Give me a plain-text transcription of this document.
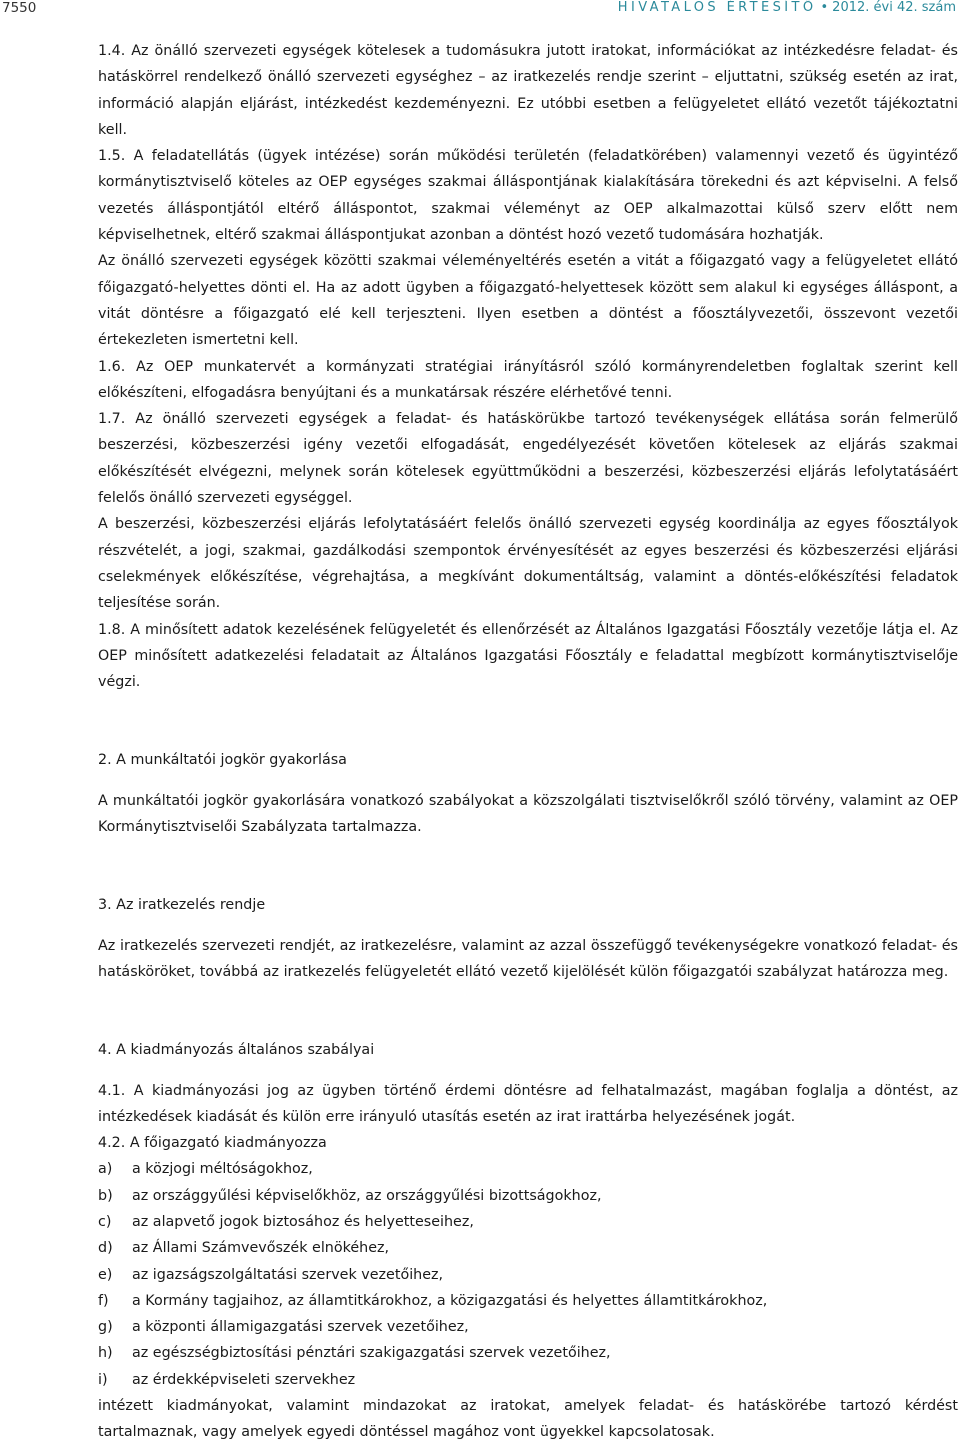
7550	HIVATALOS ÉRTESÍTŐ • 2012. évi 42. szám

1.4. Az önálló szervezeti egységek kötelesek a tudomásukra jutott iratokat, információkat az intézkedésre feladat- és hatáskörrel rendelkező önálló szervezeti egységhez – az iratkezelés rendje szerint – eljuttatni, szükség esetén az irat, információ alapján eljárást, intézkedést kezdeményezni. Ez utóbbi esetben a felügyeletet ellátó vezetőt tájékoztatni kell.

1.5. A feladatellátás (ügyek intézése) során működési területén (feladatkörében) valamennyi vezető és ügyintéző kormánytisztviselő köteles az OEP egységes szakmai álláspontjának kialakítására törekedni és azt képviselni. A felső vezetés álláspontjától eltérő álláspontot, szakmai véleményt az OEP alkalmazottai külső szerv előtt nem képviselhetnek, eltérő szakmai álláspontjukat azonban a döntést hozó vezető tudomására hozhatják.

Az önálló szervezeti egységek közötti szakmai véleményeltérés esetén a vitát a főigazgató vagy a felügyeletet ellátó főigazgató-helyettes dönti el. Ha az adott ügyben a főigazgató-helyettesek között sem alakul ki egységes álláspont, a vitát döntésre a főigazgató elé kell terjeszteni. Ilyen esetben a döntést a főosztályvezetői, összevont vezetői értekezleten ismertetni kell.

1.6. Az OEP munkatervét a kormányzati stratégiai irányításról szóló kormányrendeletben foglaltak szerint kell előkészíteni, elfogadásra benyújtani és a munkatársak részére elérhetővé tenni.

1.7. Az önálló szervezeti egységek a feladat- és hatáskörükbe tartozó tevékenységek ellátása során felmerülő beszerzési, közbeszerzési igény vezetői elfogadását, engedélyezését követően kötelesek az eljárás szakmai előkészítését elvégezni, melynek során kötelesek együttműködni a beszerzési, közbeszerzési eljárás lefolytatásáért felelős önálló szervezeti egységgel.

A beszerzési, közbeszerzési eljárás lefolytatásáért felelős önálló szervezeti egység koordinálja az egyes főosztályok részvételét, a jogi, szakmai, gazdálkodási szempontok érvényesítését az egyes beszerzési és közbeszerzési eljárási cselekmények előkészítése, végrehajtása, a megkívánt dokumentáltság, valamint a döntés-előkészítési feladatok teljesítése során.

1.8. A minősített adatok kezelésének felügyeletét és ellenőrzését az Általános Igazgatási Főosztály vezetője látja el. Az OEP minősített adatkezelési feladatait az Általános Igazgatási Főosztály e feladattal megbízott kormánytisztviselője végzi.

2. A munkáltatói jogkör gyakorlása

A munkáltatói jogkör gyakorlására vonatkozó szabályokat a közszolgálati tisztviselőkről szóló törvény, valamint az OEP Kormánytisztviselői Szabályzata tartalmazza.

3. Az iratkezelés rendje

Az iratkezelés szervezeti rendjét, az iratkezelésre, valamint az azzal összefüggő tevékenységekre vonatkozó feladat- és hatásköröket, továbbá az iratkezelés felügyeletét ellátó vezető kijelölését külön főigazgatói szabályzat határozza meg.

4. A kiadmányozás általános szabályai

4.1. A kiadmányozási jog az ügyben történő érdemi döntésre ad felhatalmazást, magában foglalja a döntést, az intézkedések kiadását és külön erre irányuló utasítás esetén az irat irattárba helyezésének jogát.

4.2. A főigazgató kiadmányozza

a)	a közjogi méltóságokhoz,
b)	az országgyűlési képviselőkhöz, az országgyűlési bizottságokhoz,
c)	az alapvető jogok biztosához és helyetteseihez,
d)	az Állami Számvevőszék elnökéhez,
e)	az igazságszolgáltatási szervek vezetőihez,
f)	a Kormány tagjaihoz, az államtitkárokhoz, a közigazgatási és helyettes államtitkárokhoz,
g)	a központi államigazgatási szervek vezetőihez,
h)	az egészségbiztosítási pénztári szakigazgatási szervek vezetőihez,
i)	az érdekképviseleti szervekhez

intézett kiadmányokat, valamint mindazokat az iratokat, amelyek feladat- és hatáskörébe tartozó kérdést tartalmaznak, vagy amelyek egyedi döntéssel magához vont ügyekkel kapcsolatosak.
